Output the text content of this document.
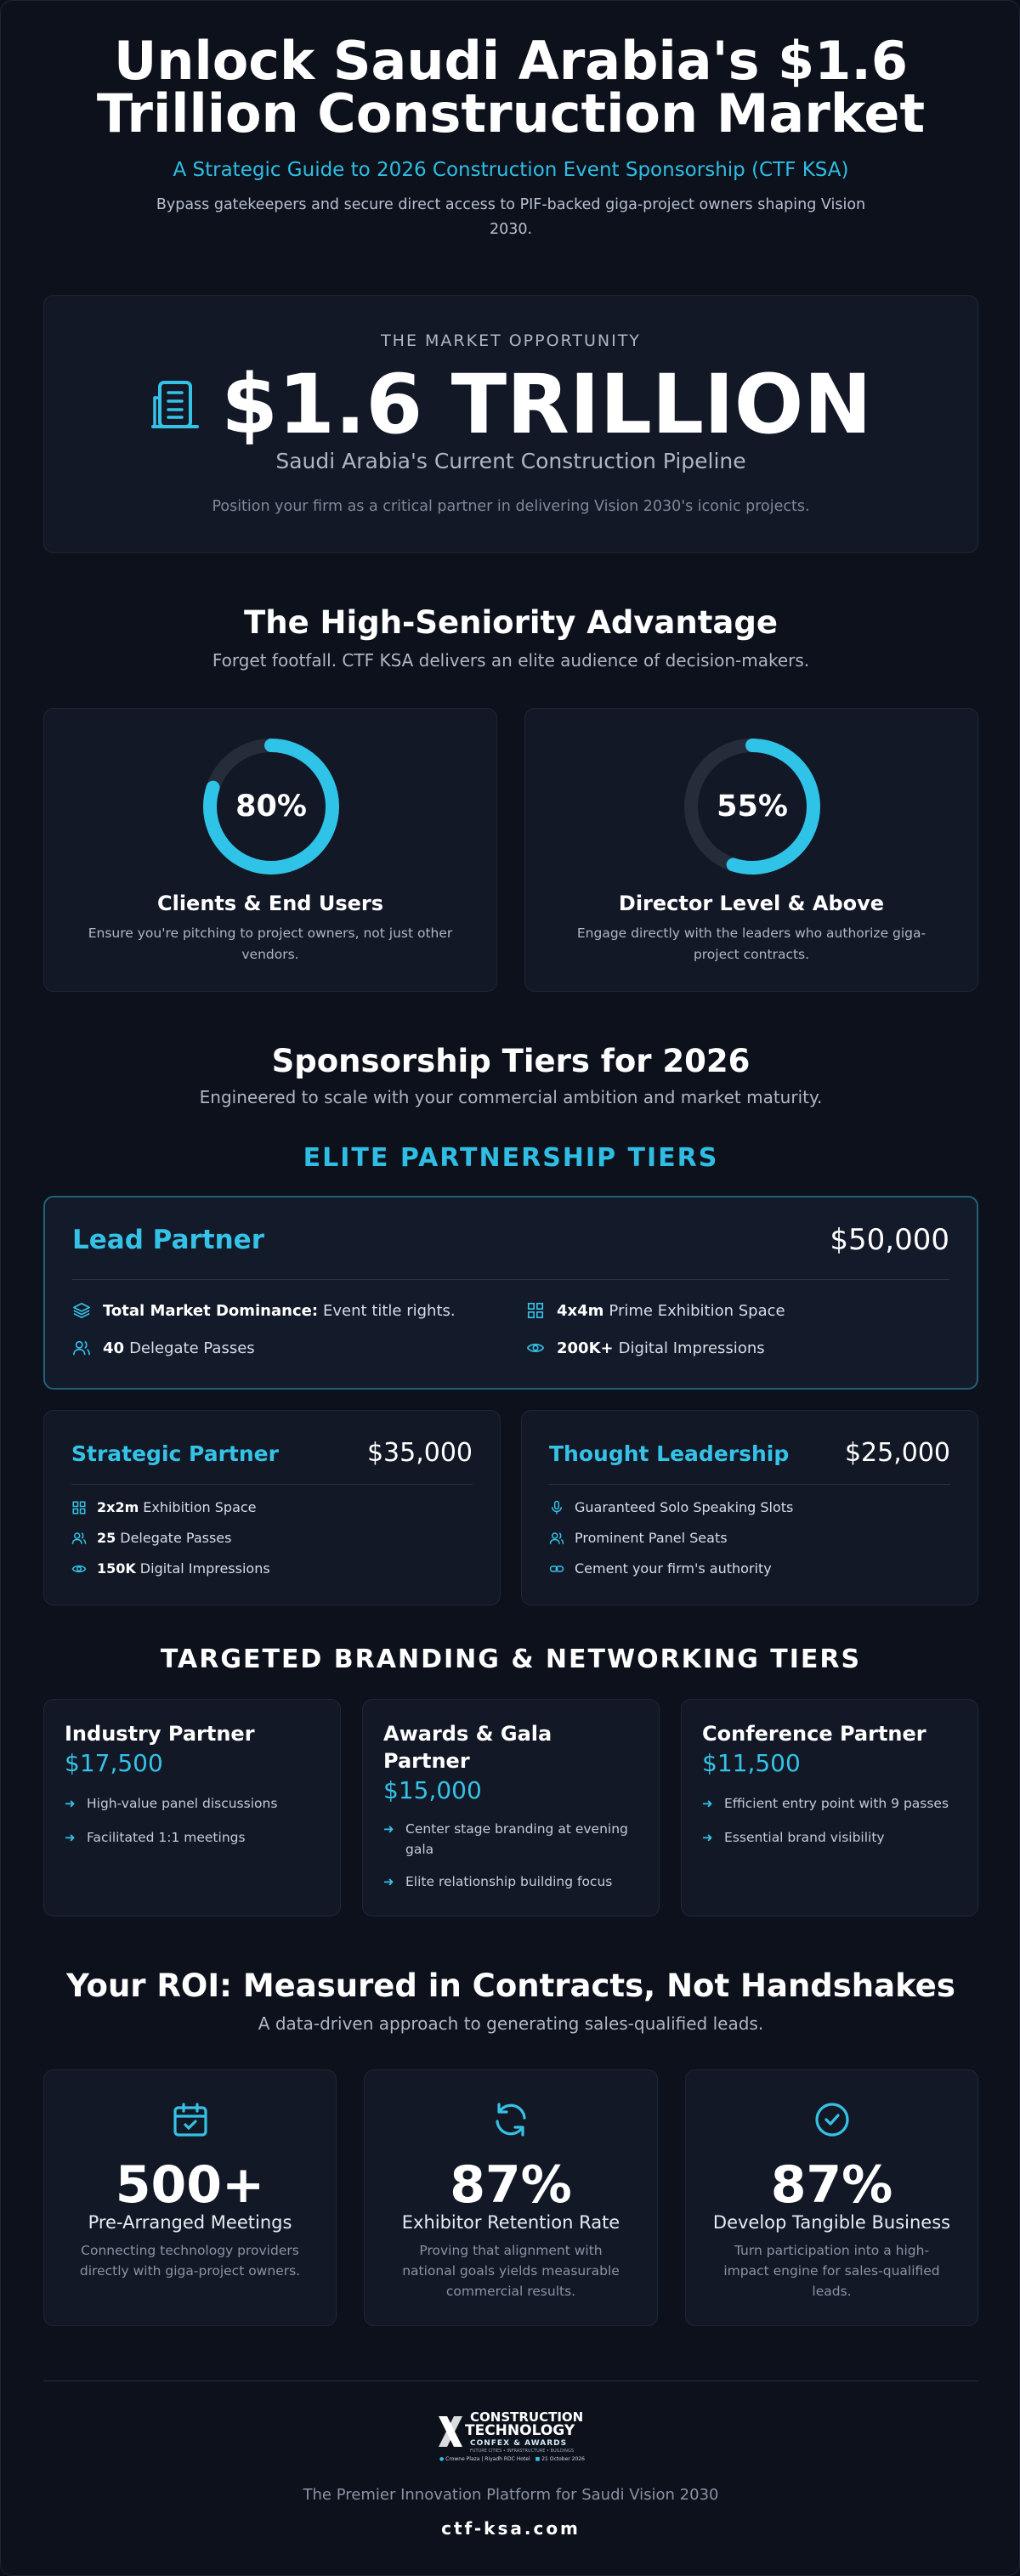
Unlock Saudi Arabia's $1.6
Trillion Construction Market
A Strategic Guide to 2026 Construction Event Sponsorship (CTF KSA)
Bypass gatekeepers and secure direct access to PIF-backed giga-project owners shaping Vision
2030.
THE MARKET OPPORTUNITY
$1.6 TRILLION
Saudi Arabia's Current Construction Pipeline
Position your firm as a critical partner in delivering Vision 2030's iconic projects.
The High-Seniority Advantage
Forget footfall. CTF KSA delivers an elite audience of decision-makers.
80%
Clients & End Users
Ensure you're pitching to project owners, not just other
vendors.
55%
Director Level & Above
Engage directly with the leaders who authorize giga-
project contracts.
Sponsorship Tiers for 2026
Engineered to scale with your commercial ambition and market maturity.
ELITE PARTNERSHIP TIERS
Lead Partner	$50,000
Total Market Dominance: Event title rights.	4x4m Prime Exhibition Space
40 Delegate Passes	200K+ Digital Impressions
Strategic Partner	$35,000
2x2m Exhibition Space
25 Delegate Passes
150K Digital Impressions
Thought Leadership $25,000
Guaranteed Solo Speaking Slots
Prominent Panel Seats
Cement your firm's authority
TARGETED BRANDING & NETWORKING TIERS
Industry Partner
$17,500
➜ High-value panel discussions
➜ Facilitated 1:1 meetings
Awards & Gala
Partner
$15,000
➜ Center stage branding at evening
gala
➜ Elite relationship building focus
Conference Partner
$11,500
➜ Efficient entry point with 9 passes
➜ Essential brand visibility
Your ROI: Measured in Contracts, Not Handshakes
A data-driven approach to generating sales-qualified leads.
500+
Pre-Arranged Meetings
Connecting technology providers
directly with giga-project owners.
87%
Exhibitor Retention Rate
Proving that alignment with
national goals yields measurable
commercial results.
87%
Develop Tangible Business
Turn participation into a high-
impact engine for sales-qualified
leads.
CONSTRUCTION
TECHNOLOGY
CONFEX & AWARDS
FUTURE CITIES • INFRASTRUCTURE • BUILDINGS
● Crowne Plaza | Riyadh RDC Hotel ■ 21 October 2026
The Premier Innovation Platform for Saudi Vision 2030
ctf-ksa.com
